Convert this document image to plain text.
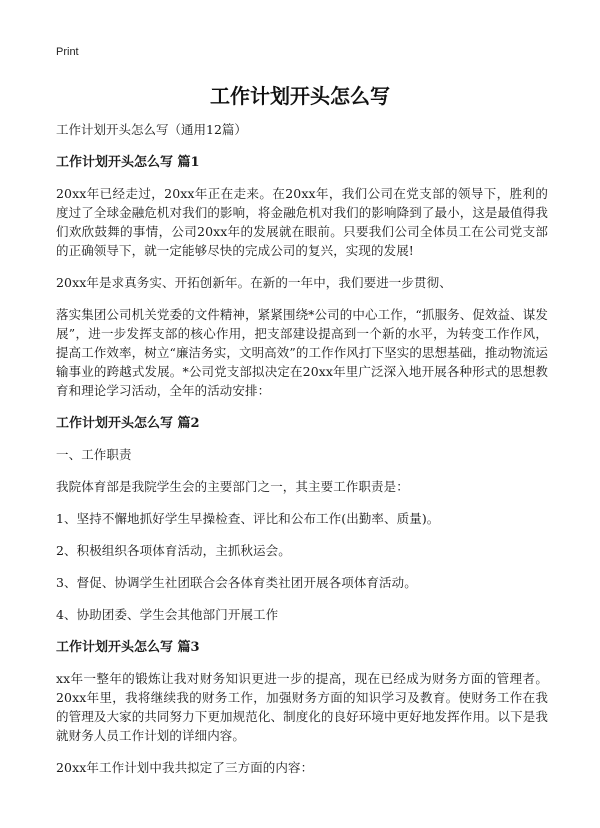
Print
工作计划开头怎么写

工作计划开头怎么写（通用12篇）

工作计划开头怎么写 篇1

20xx年已经走过，20xx年正在走来。在20xx年，我们公司在党支部的领导下，胜利的度过了全球金融危机对我们的影响，将金融危机对我们的影响降到了最小，这是最值得我们欢欣鼓舞的事情，公司20xx年的发展就在眼前。只要我们公司全体员工在公司党支部的正确领导下，就一定能够尽快的完成公司的复兴，实现的发展!

20xx年是求真务实、开拓创新年。在新的一年中，我们要进一步贯彻、

落实集团公司机关党委的文件精神，紧紧围绕*公司的中心工作，“抓服务、促效益、谋发展”，进一步发挥支部的核心作用，把支部建设提高到一个新的水平，为转变工作作风，提高工作效率，树立“廉洁务实，文明高效”的工作作风打下坚实的思想基础，推动物流运输事业的跨越式发展。*公司党支部拟决定在20xx年里广泛深入地开展各种形式的思想教育和理论学习活动，全年的活动安排：

工作计划开头怎么写 篇2

一、工作职责

我院体育部是我院学生会的主要部门之一，其主要工作职责是：

1、坚持不懈地抓好学生早操检查、评比和公布工作(出勤率、质量)。

2、积极组织各项体育活动，主抓秋运会。

3、督促、协调学生社团联合会各体育类社团开展各项体育活动。

4、协助团委、学生会其他部门开展工作

工作计划开头怎么写 篇3

xx年一整年的锻炼让我对财务知识更进一步的提高，现在已经成为财务方面的管理者。20xx年里，我将继续我的财务工作，加强财务方面的知识学习及教育。使财务工作在我的管理及大家的共同努力下更加规范化、制度化的良好环境中更好地发挥作用。以下是我就财务人员工作计划的详细内容。

20xx年工作计划中我共拟定了三方面的内容：
